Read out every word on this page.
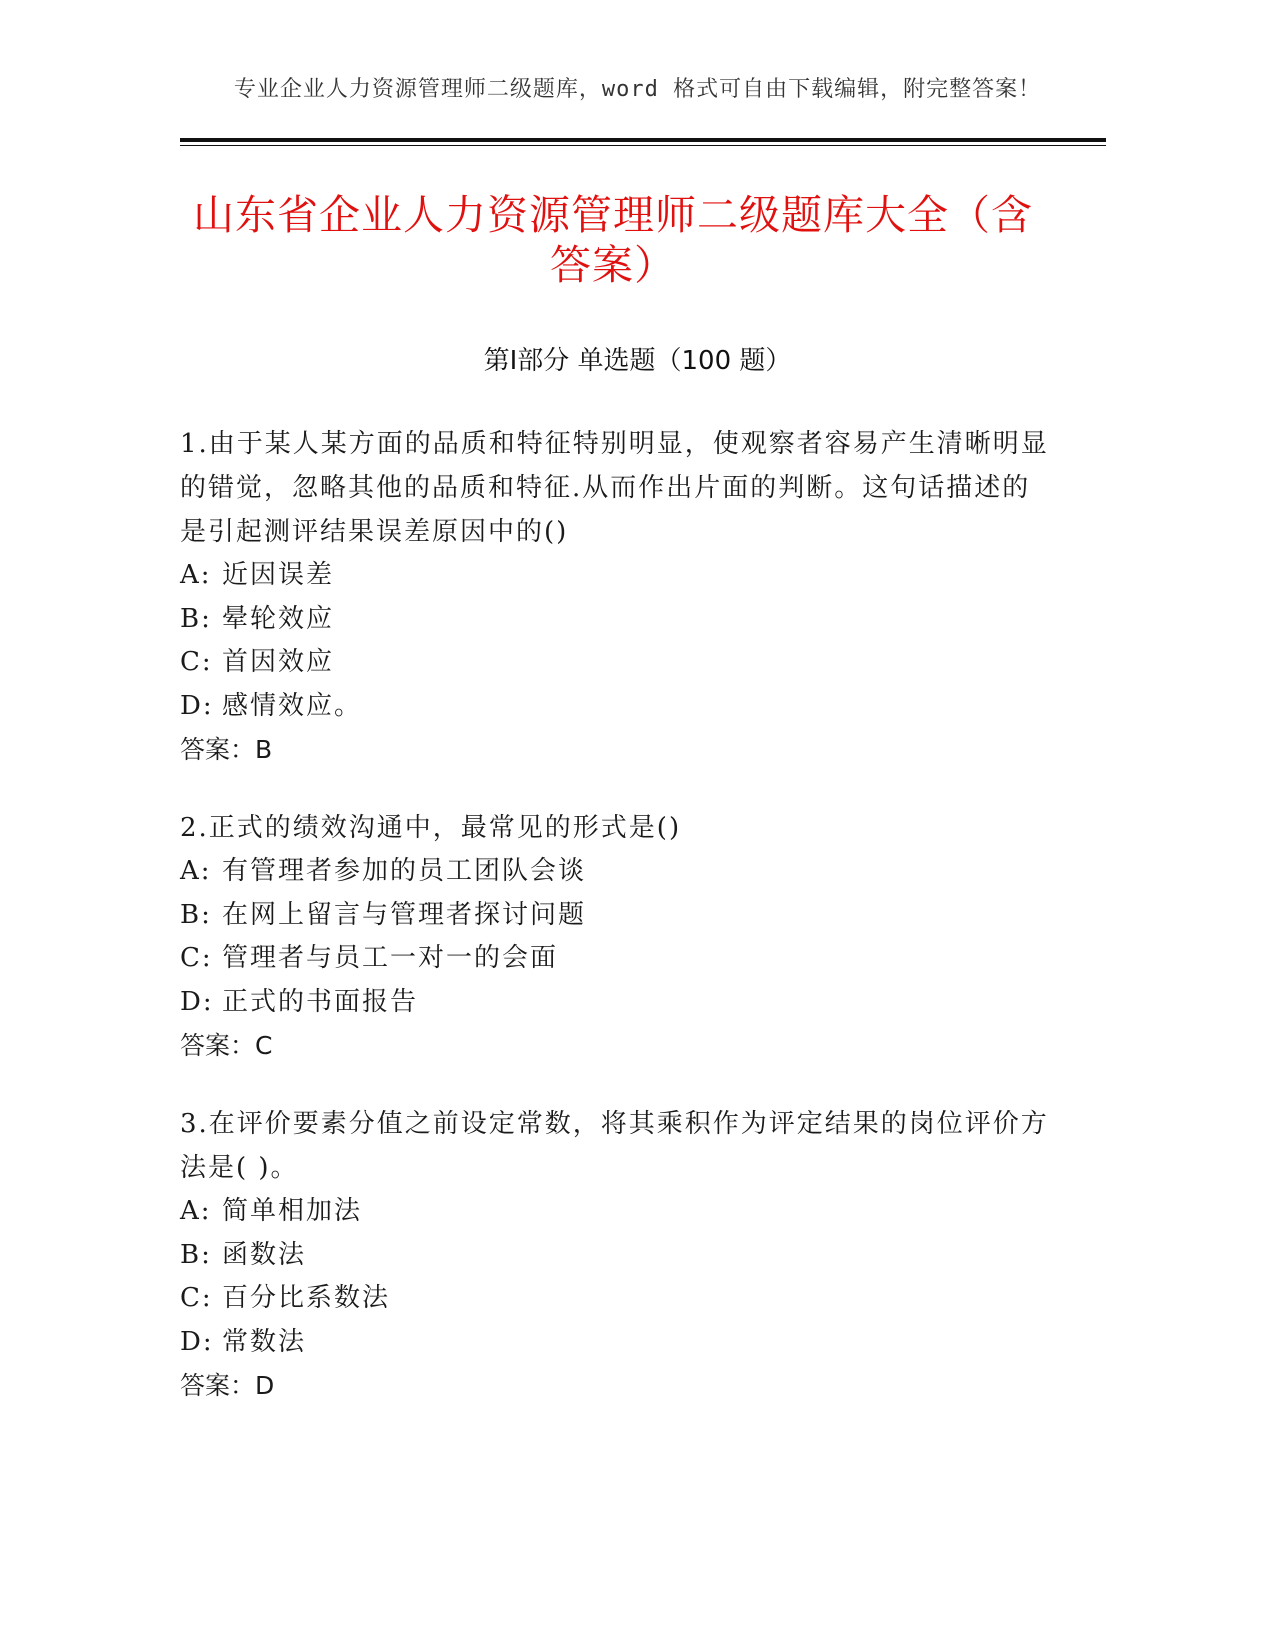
专业企业人力资源管理师二级题库，word 格式可自由下载编辑，附完整答案！
山东省企业人力资源管理师二级题库大全（含答案）
第Ⅰ部分 单选题（100 题）

1.由于某人某方面的品质和特征特别明显，使观察者容易产生清晰明显的错觉，忽略其他的品质和特征.从而作出片面的判断。这句话描述的是引起测评结果误差原因中的()

A: 近因误差

B: 晕轮效应

C: 首因效应

D: 感情效应。

答案：B

2.正式的绩效沟通中，最常见的形式是()

A: 有管理者参加的员工团队会谈

B: 在网上留言与管理者探讨问题

C: 管理者与员工一对一的会面

D: 正式的书面报告

答案：C

3.在评价要素分值之前设定常数，将其乘积作为评定结果的岗位评价方法是( )。

A: 简单相加法

B: 函数法

C: 百分比系数法

D: 常数法

答案：D
